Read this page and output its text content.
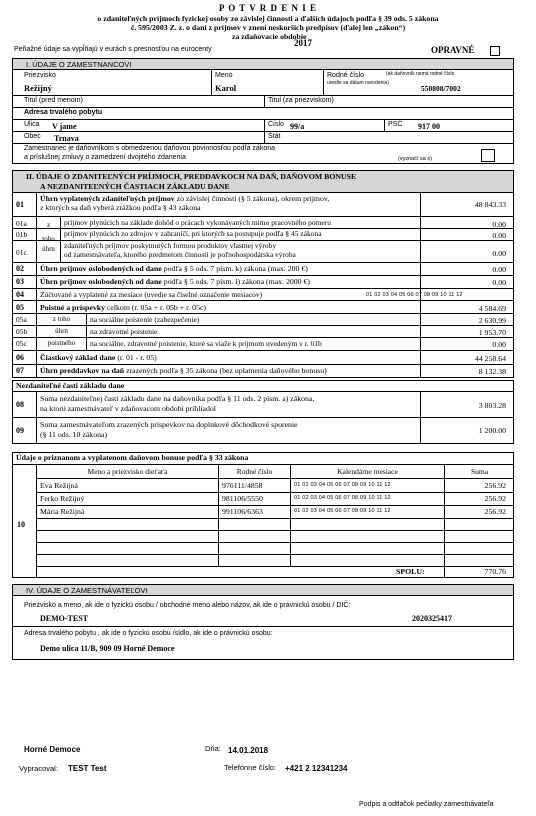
P O T V R D E N I E
o zdaniteľných príjmoch fyzickej osoby zo závislej činnosti a ďalších údajoch podľa § 39 ods. 5 zákona
č. 595/2003 Z. z. o dani z príjmov v znení neskorších predpisov (ďalej len „zákon“)
za zdaňovacie obdobie
2017
Peňažné údaje sa vypĺňajú v eurách s presnosťou na eurocenty	OPRAVNÉ
I. ÚDAJE O ZAMESTNANCOVI
Priezvisko
Režijný
Meno
Karol
Rodné číslo	(ak daňovník nemá rodné číslo
uvedie sa dátum narodenia)
550808/7002
Titul (pred menom)	Titul (za priezviskom)
Adresa trvalého pobytu
Ulica V jame	Číslo 99/a	PSČ 917 00
Obec Trnava	Štát
Zamestnanec je daňovníkom s obmedzenou daňovou povinnosťou podľa zákona
a príslušnej zmluvy o zamedzení dvojitého zdanenia	(vyznačí sa x)
II. ÚDAJE O ZDANITEĽNÝCH PRÍJMOCH, PREDDAVKOCH NA DAŇ, DAŇOVOM BONUSE
A NEZDANITEĽNÝCH ČASTIACH ZÁKLADU DANE
01
Úhrn vyplatených zdaniteľných príjmov zo závislej činnosti (§ 5 zákona), okrem príjmov,
z ktorých sa daň vyberá zrážkou podľa § 43 zákona	48 843.33
z
toho
úhrn
01a	príjmov plynúcich na základe dohôd o prácach vykonávaných mimo pracovného pomeru	0.00
01b	príjmov plynúcich zo zdrojov v zahraničí, pri ktorých sa postupuje podľa § 45 zákona	0.00
01c
zdaniteľných príjmov poskytnutých formou produktov vlastnej výroby
od zamestnávateľa, ktorého predmetom činnosti je poľnohospodárska výroba	0.00
02 Úhrn príjmov oslobodených od dane podľa § 5 ods. 7 písm. k) zákona (max. 200 €)	0.00
03 Úhrn príjmov oslobodených od dane podľa § 5 ods. 7 písm. l) zákona (max. 2000 €)	0.00
04 Zúčtované a vyplatené za mesiace (uvedie sa číselné označenie mesiacov)	01 02 03 04 05 06 07 08 09 10 11 12
05 Poistné a príspevky celkom (r. 05a + r. 05b + r. 05c)	4 584.69
z toho
úhrn
poistného
05a	na sociálne poistenie (zabezpečenie)	2 630.99
05b	na zdravotné poistenie	1 953.70
05c	na sociálne, zdravotné poistenie, ktoré sa viaže k príjmom uvedeným v r. 01b	0.00
06 Čiastkový základ dane (r. 01 - r. 05)	44 258.64
07 Úhrn preddavkov na daň zrazených podľa § 35 zákona (bez uplatnenia daňového bonusu)	8 132.38
Nezdaniteľné časti základu dane
08
Suma nezdaniteľnej časti základu dane na daňovníka podľa § 11 ods. 2 písm. a) zákona,
na ktorú zamestnávateľ v zdaňovacom období prihliadol	3 803.28
09
Suma zamestnávateľom zrazených príspevkov na doplnkové dôchodkové sporenie
(§ 11 ods. 10 zákona)	1 200.00
Údaje o priznanom a vyplatenom daňovom bonuse podľa § 33 zákona
10
Meno a priezvisko dieťaťa	Rodné číslo	Kalendárne mesiace	Suma
Eva Režijná	976111/4858	01 02 03 04 05 06 07 08 09 10 11 12	256.92
Ferko Režijný	981106/5550	01 02 03 04 05 06 07 08 09 10 11 12	256.92
Mária Režijná	991106/6363	01 02 03 04 05 06 07 08 09 10 11 12	256.92
SPOLU:	770.76
IV. ÚDAJE O ZAMESTNÁVATEĽOVI
Priezvisko a meno, ak ide o fyzickú osobu / obchodné meno alebo názov, ak ide o právnickú osobu / DIČ:
DEMO-TEST	2020325417
Adresa trvalého pobytu , ak ide o fyzickú osobu /sídlo, ak ide o právnickú osobu:
Demo ulica 11/B, 909 09 Horné Democe
Horné Democe	Dňa: 14.01.2018
Vypracoval: TEST Test	Telefónne číslo: +421 2 12341234
Podpis a odtlačok pečiatky zamestnávateľa
